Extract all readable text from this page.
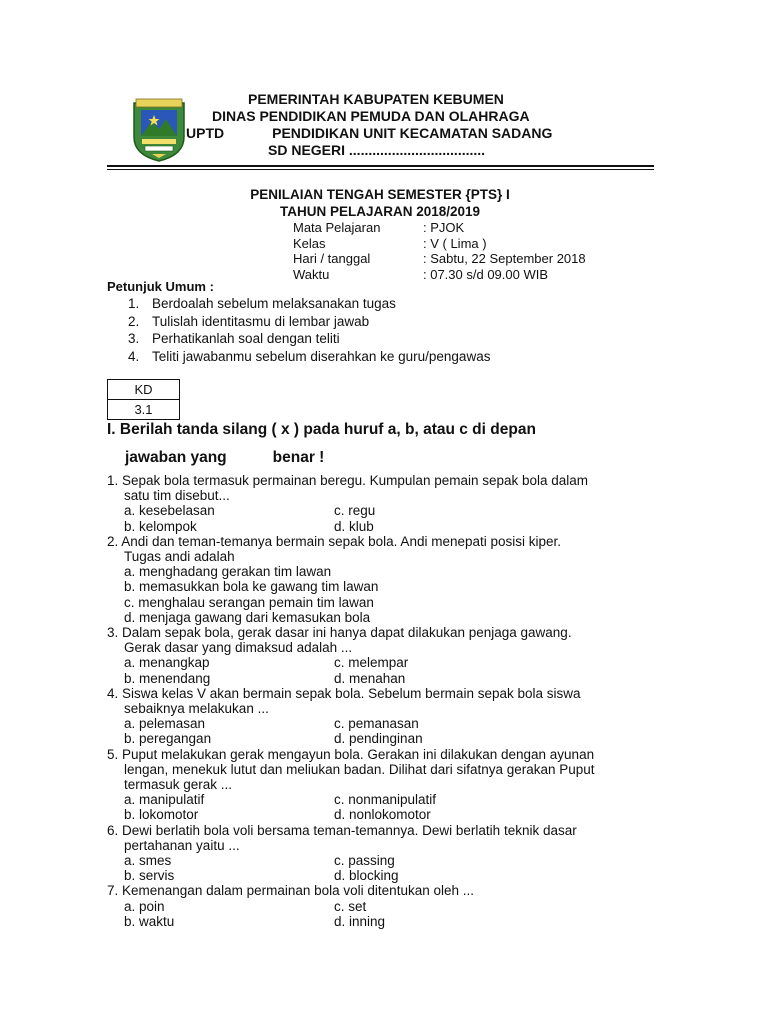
PEMERINTAH KABUPATEN KEBUMEN
DINAS PENDIDIKAN PEMUDA DAN OLAHRAGA
UPTD	PENDIDIKAN UNIT KECAMATAN SADANG
SD NEGERI ...................................
PENILAIAN TENGAH SEMESTER {PTS} I
TAHUN PELAJARAN 2018/2019
Mata Pelajaran	: PJOK
Kelas	: V ( Lima )
Hari / tanggal	: Sabtu, 22 September 2018
Waktu	: 07.30 s/d 09.00 WIB
Petunjuk Umum :
1. Berdoalah sebelum melaksanakan tugas
2. Tulislah identitasmu di lembar jawab
3. Perhatikanlah soal dengan teliti
4. Teliti jawabanmu sebelum diserahkan ke guru/pengawas
KD
3.1
I. Berilah tanda silang ( x ) pada huruf a, b, atau c di depan
jawaban yang	benar !
1. Sepak bola termasuk permainan beregu. Kumpulan pemain sepak bola dalam
satu tim disebut...
a. kesebelasan	c. regu
b. kelompok	d. klub
2. Andi dan teman-temanya bermain sepak bola. Andi menepati posisi kiper.
Tugas andi adalah
a. menghadang gerakan tim lawan
b. memasukkan bola ke gawang tim lawan
c. menghalau serangan pemain tim lawan
d. menjaga gawang dari kemasukan bola
3. Dalam sepak bola, gerak dasar ini hanya dapat dilakukan penjaga gawang.
Gerak dasar yang dimaksud adalah ...
a. menangkap	c. melempar
b. menendang	d. menahan
4. Siswa kelas V akan bermain sepak bola. Sebelum bermain sepak bola siswa
sebaiknya melakukan ...
a. pelemasan	c. pemanasan
b. peregangan	d. pendinginan
5. Puput melakukan gerak mengayun bola. Gerakan ini dilakukan dengan ayunan
lengan, menekuk lutut dan meliukan badan. Dilihat dari sifatnya gerakan Puput
termasuk gerak ...
a. manipulatif	c. nonmanipulatif
b. lokomotor	d. nonlokomotor
6. Dewi berlatih bola voli bersama teman-temannya. Dewi berlatih teknik dasar
pertahanan yaitu ...
a. smes	c. passing
b. servis	d. blocking
7. Kemenangan dalam permainan bola voli ditentukan oleh ...
a. poin	c. set
b. waktu	d. inning
